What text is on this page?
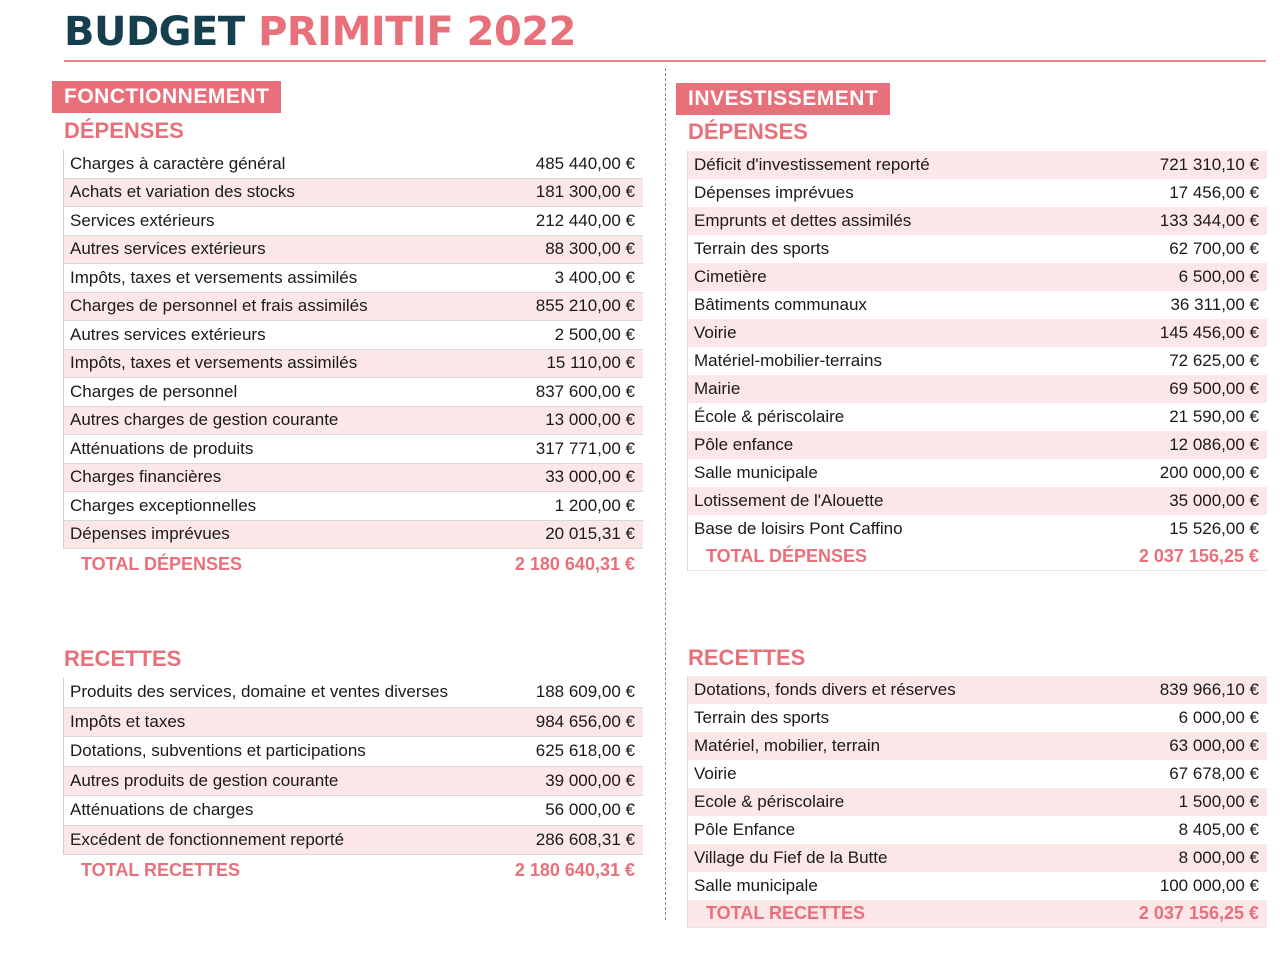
BUDGET PRIMITIF 2022
FONCTIONNEMENT
DÉPENSES
Charges à caractère général	485 440,00 €
Achats et variation des stocks	181 300,00 €
Services extérieurs	212 440,00 €
Autres services extérieurs	88 300,00 €
Impôts, taxes et versements assimilés	3 400,00 €
Charges de personnel et frais assimilés	855 210,00 €
Autres services extérieurs	2 500,00 €
Impôts, taxes et versements assimilés	15 110,00 €
Charges de personnel	837 600,00 €
Autres charges de gestion courante	13 000,00 €
Atténuations de produits	317 771,00 €
Charges financières	33 000,00 €
Charges exceptionnelles	1 200,00 €
Dépenses imprévues	20 015,31 €
TOTAL DÉPENSES	2 180 640,31 €
RECETTES
Produits des services, domaine et ventes diverses	188 609,00 €
Impôts et taxes	984 656,00 €
Dotations, subventions et participations	625 618,00 €
Autres produits de gestion courante	39 000,00 €
Atténuations de charges	56 000,00 €
Excédent de fonctionnement reporté	286 608,31 €
TOTAL RECETTES	2 180 640,31 €
INVESTISSEMENT
DÉPENSES
Déficit d'investissement reporté	721 310,10 €
Dépenses imprévues	17 456,00 €
Emprunts et dettes assimilés	133 344,00 €
Terrain des sports	62 700,00 €
Cimetière	6 500,00 €
Bâtiments communaux	36 311,00 €
Voirie	145 456,00 €
Matériel-mobilier-terrains	72 625,00 €
Mairie	69 500,00 €
École & périscolaire	21 590,00 €
Pôle enfance	12 086,00 €
Salle municipale	200 000,00 €
Lotissement de l'Alouette	35 000,00 €
Base de loisirs Pont Caffino	15 526,00 €
TOTAL DÉPENSES	2 037 156,25 €
RECETTES
Dotations, fonds divers et réserves	839 966,10 €
Terrain des sports	6 000,00 €
Matériel, mobilier, terrain	63 000,00 €
Voirie	67 678,00 €
Ecole & périscolaire	1 500,00 €
Pôle Enfance	8 405,00 €
Village du Fief de la Butte	8 000,00 €
Salle municipale	100 000,00 €
TOTAL RECETTES	2 037 156,25 €
